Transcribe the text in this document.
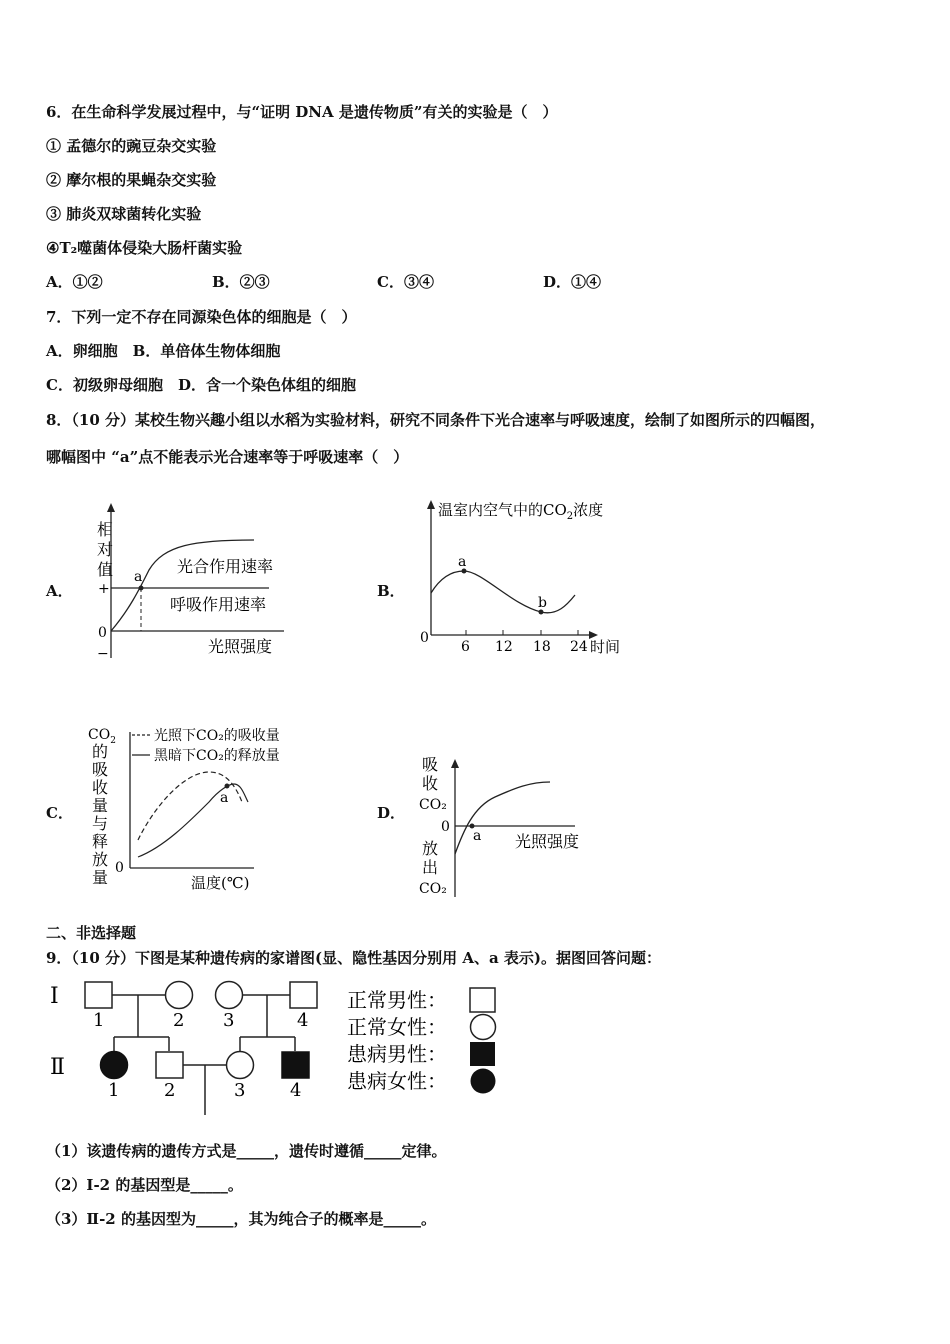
6．在生命科学发展过程中，与“证明 DNA 是遗传物质”有关的实验是（　）
① 孟德尔的豌豆杂交实验
② 摩尔根的果蝇杂交实验
③ 肺炎双球菌转化实验
④T₂噬菌体侵染大肠杆菌实验
A．①②	B．②③	C．③④	D．①④
7．下列一定不存在同源染色体的细胞是（　）
A．卵细胞　B．单倍体生物体细胞
C．初级卵母细胞　D．含一个染色体组的细胞
8．（10 分）某校生物兴趣小组以水稻为实验材料，研究不同条件下光合速率与呼吸速度，绘制了如图所示的四幅图，
哪幅图中 “a”点不能表示光合速率等于呼吸速率（　）
A．	B．
C．	D．
相
对
值
+
0
−
a
光合作用速率
呼吸作用速率
光照强度
温室内空气中的$CO_2$浓度
0
6 12 18 24 时间
a
b
$CO_2$
的
吸
收
量
与
释
放
量 0
光照下CO₂的吸收量
黑暗下CO₂的释放量
a
温度(℃)
吸
收
CO₂
0
放
出
CO₂
a 光照强度
二、非选择题
9．（10 分）下图是某种遗传病的家谱图(显、隐性基因分别用 A、a 表示)。据图回答问题：
Ⅰ
Ⅱ
1	2 3	4
1 2	3 4
正常男性：
正常女性：
患病男性：
患病女性：
（1）该遗传病的遗传方式是_____，遗传时遵循_____定律。
（2）Ⅰ-2 的基因型是_____。
（3）Ⅱ-2 的基因型为_____，其为纯合子的概率是_____。
